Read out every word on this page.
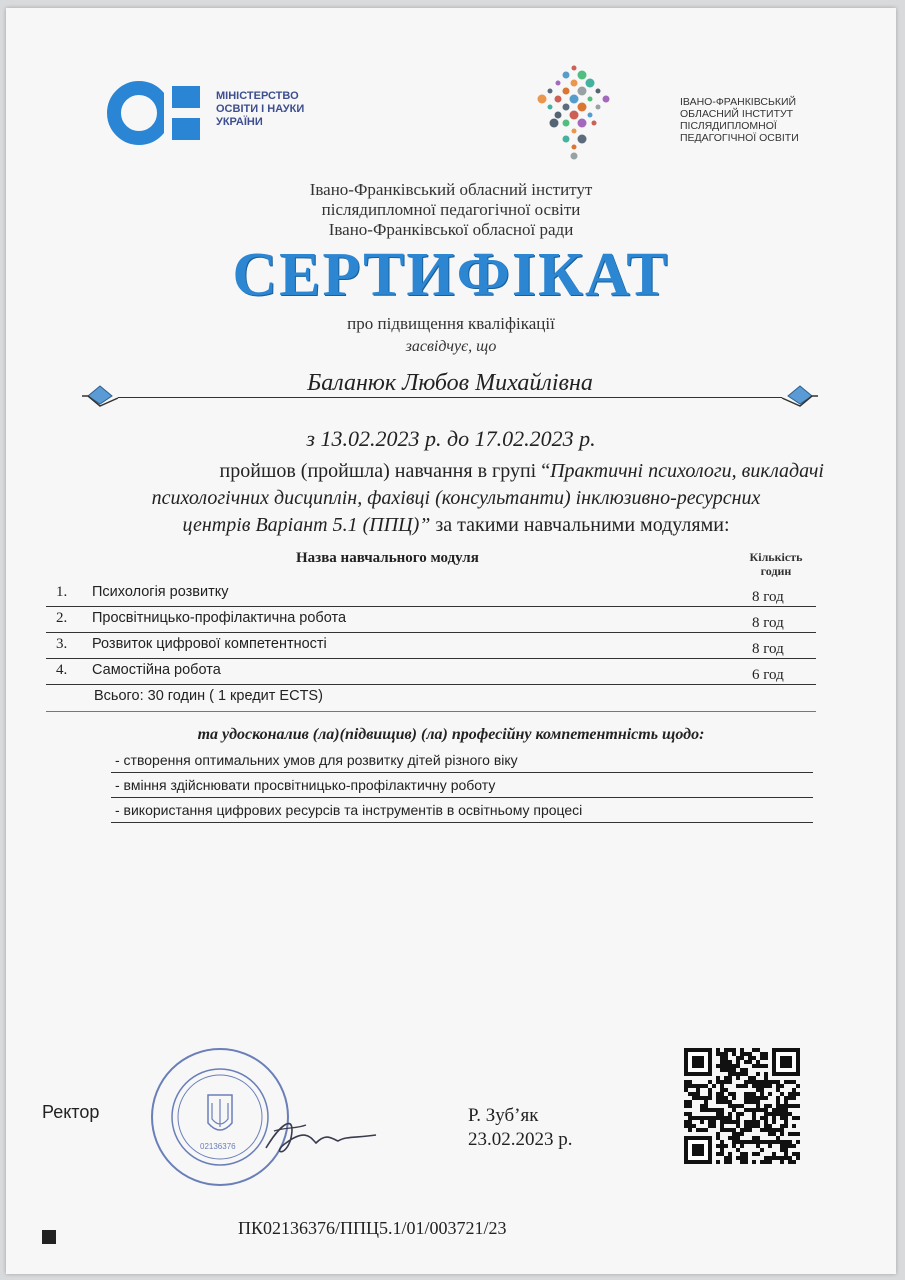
МІНІСТЕРСТВО
ОСВІТИ І НАУКИ
УКРАЇНИ
ІВАНО-ФРАНКІВСЬКИЙ
ОБЛАСНИЙ ІНСТИТУТ
ПІСЛЯДИПЛОМНОЇ
ПЕДАГОГІЧНОЇ ОСВІТИ
Івано-Франківський обласний інститут
післядипломної педагогічної освіти
Івано-Франківської обласної ради
СЕРТИФІКАТ
про підвищення кваліфікації
засвідчує, що
Баланюк Любов Михайлівна
з 13.02.2023 р. до 17.02.2023 р.
пройшов (пройшла) навчання в групі “Практичні психологи, викладачі
психологічних дисциплін, фахівці (консультанти) інклюзивно-ресурсних
центрів Варіант 5.1 (ППЦ)” за такими навчальними модулями:
Назва навчального модуля	Кількість годин
1. Психологія розвитку	8 год
2. Просвітницько-профілактична робота	8 год
3. Розвиток цифрової компетентності	8 год
4. Самостійна робота	6 год
Всього: 30 годин ( 1 кредит ECTS)
та удосконалив (ла)(підвищив) (ла) професійну компетентність щодо:
- створення оптимальних умов для розвитку дітей різного віку
- вміння здійснювати просвітницько-профілактичну роботу
- використання цифрових ресурсів та інструментів в освітньому процесі
Ректор
02136376
Р. Зуб’як
23.02.2023 р.
ПК02136376/ППЦ5.1/01/003721/23
